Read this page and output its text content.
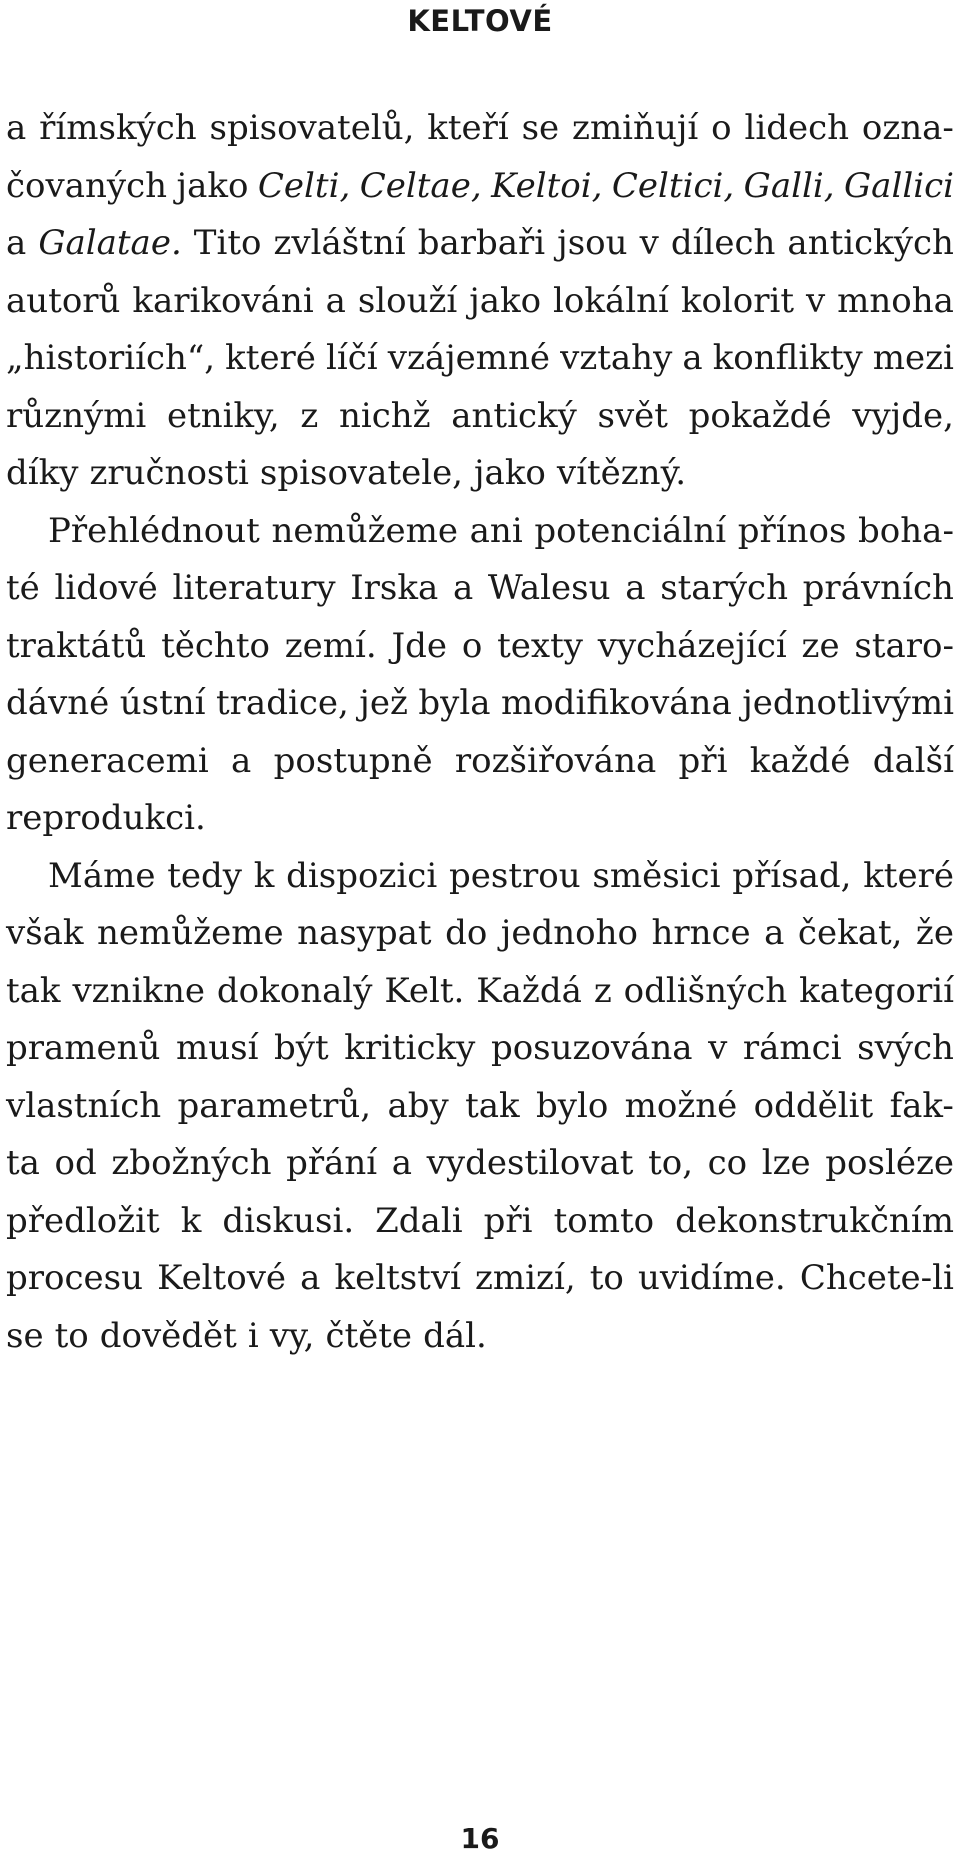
KELTOVÉ
a římských spisovatelů, kteří se zmiňují o lidech ozna-
čovaných jako Celti, Celtae, Keltoi, Celtici, Galli, Gallici
a Galatae. Tito zvláštní barbaři jsou v dílech antických
autorů karikováni a slouží jako lokální kolorit v mnoha
„historiích“, které líčí vzájemné vztahy a konflikty mezi
různými etniky, z nichž antický svět pokaždé vyjde,
díky zručnosti spisovatele, jako vítězný.
Přehlédnout nemůžeme ani potenciální přínos boha-
té lidové literatury Irska a Walesu a starých právních
traktátů těchto zemí. Jde o texty vycházející ze staro-
dávné ústní tradice, jež byla modifikována jednotlivými
generacemi a postupně rozšiřována při každé další
reprodukci.
Máme tedy k dispozici pestrou směsici přísad, které
však nemůžeme nasypat do jednoho hrnce a čekat, že
tak vznikne dokonalý Kelt. Každá z odlišných kategorií
pramenů musí být kriticky posuzována v rámci svých
vlastních parametrů, aby tak bylo možné oddělit fak-
ta od zbožných přání a vydestilovat to, co lze posléze
předložit k diskusi. Zdali při tomto dekonstrukčním
procesu Keltové a keltství zmizí, to uvidíme. Chcete-li
se to dovědět i vy, čtěte dál.
16
